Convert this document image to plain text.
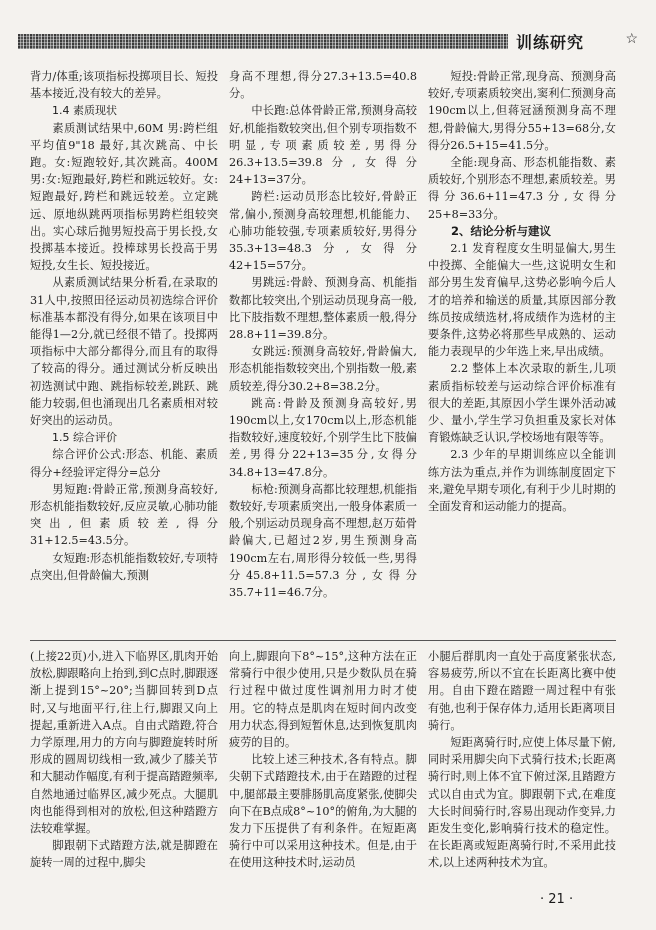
训练研究	☆

背力/体重;该项指标投掷项目长、短投基本接近,没有较大的差异。

1.4 素质现状

素质测试结果中,60M 男:跨栏组平均值9"18 最好,其次跳高、中长跑。女:短跑较好,其次跳高。400M 男:女:短跑最好,跨栏和跳远较好。女:短跑最好,跨栏和跳远较差。立定跳远、原地纵跳两项指标男跨栏组较突出。实心球后抛男短投高于男长投,女投掷基本接近。投棒球男长投高于男短投,女生长、短投接近。

从素质测试结果分析看,在录取的31人中,按照田径运动员初选综合评价标准基本都没有得分,如果在该项目中能得1—2分,就已经很不错了。投掷两项指标中大部分都得分,而且有的取得了较高的得分。通过测试分析反映出初选测试中跑、跳指标较差,跳跃、跳能力较弱,但也涌现出几名素质相对较好突出的运动员。

1.5 综合评价

综合评价公式:形态、机能、素质得分+经验评定得分=总分

男短跑:骨龄正常,预测身高较好,形态机能指数较好,反应灵敏,心肺功能突出,但素质较差,得分31+12.5=43.5分。

女短跑:形态机能指数较好,专项特点突出,但骨龄偏大,预测

身高不理想,得分27.3+13.5=40.8分。

中长跑:总体骨龄正常,预测身高较好,机能指数较突出,但个别专项指数不明显,专项素质较差,男得分26.3+13.5=39.8分,女得分24+13=37分。

跨栏:运动员形态比较好,骨龄正常,偏小,预测身高较理想,机能能力、心肺功能较强,专项素质较好,男得分35.3+13=48.3分,女得分42+15=57分。

男跳远:骨龄、预测身高、机能指数都比较突出,个别运动员现身高一般,比下肢指数不理想,整体素质一般,得分28.8+11=39.8分。

女跳远:预测身高较好,骨龄偏大,形态机能指数较突出,个别指数一般,素质较差,得分30.2+8=38.2分。

跳高:骨龄及预测身高较好,男190cm以上,女170cm以上,形态机能指数较好,速度较好,个别学生比下肢偏差,男得分22+13=35分,女得分34.8+13=47.8分。

标枪:预测身高都比较理想,机能指数较好,专项素质突出,一般身体素质一般,个别运动员现身高不理想,赵万茹骨龄偏大,已超过2岁,男生预测身高190cm左右,周形得分较低一些,男得分45.8+11.5=57.3分,女得分35.7+11=46.7分。

短投:骨龄正常,现身高、预测身高较好,专项素质较突出,窦利仁预测身高190cm以上,但蒋冠涵预测身高不理想,骨龄偏大,男得分55+13=68分,女得分26.5+15=41.5分。

全能:现身高、形态机能指数、素质较好,个别形态不理想,素质较差。男得分36.6+11=47.3分,女得分25+8=33分。

2、结论分析与建议

2.1 发育程度女生明显偏大,男生中投掷、全能偏大一些,这说明女生和部分男生发育偏早,这势必影响今后人才的培养和输送的质量,其原因部分教练员按成绩选材,将成绩作为选材的主要条件,这势必将那些早成熟的、运动能力表现早的少年选上来,早出成绩。

2.2 整体上本次录取的新生,儿项素质指标较差与运动综合评价标准有很大的差距,其原因小学生课外活动减少、量小,学生学习负担重及家长对体育锻炼缺乏认识,学校场地有限等等。

2.3 少年的早期训练应以全能训练方法为重点,并作为训练制度固定下来,避免早期专项化,有利于少儿时期的全面发育和运动能力的提高。

(上接22页)小,进入下临界区,肌肉开始放松,脚跟略向上抬到,到C点时,脚跟逐渐上提到15°~20°;当脚回转到D点时,又与地面平行,往上行,脚跟又向上提起,重新进入A点。自由式踏蹬,符合力学原理,用力的方向与脚蹬旋转时所形成的圆周切线相一致,减少了膝关节和大腿动作幅度,有利于提高踏蹬频率,自然地通过临界区,减少死点。大腿肌肉也能得到相对的放松,但这种踏蹬方法较难掌握。

脚跟朝下式踏蹬方法,就是脚蹬在旋转一周的过程中,脚尖

向上,脚跟向下8°~15°,这种方法在正常骑行中很少使用,只是少数队员在骑行过程中做过度性调剂用力时才使用。它的特点是肌肉在短时间内改变用力状态,得到短暂休息,达到恢复肌肉疲劳的目的。

比较上述三种技术,各有特点。脚尖朝下式踏蹬技术,由于在踏蹬的过程中,腿部最主要腓肠肌高度紧张,使脚尖向下在B点成8°~10°的俯角,为大腿的发力下压提供了有利条件。在短距离骑行中可以采用这种技术。但是,由于在使用这种技术时,运动员

小腿后群肌肉一直处于高度紧张状态,容易疲劳,所以不宜在长距离比赛中使用。自由下蹬在踏蹬一周过程中有张有弛,也利于保存体力,适用长距离项目骑行。

短距离骑行时,应使上体尽量下俯,同时采用脚尖向下式骑行技术;长距离骑行时,则上体不宜下俯过深,且踏蹬方式以自由式为宜。脚跟朝下式,在难度大长时间骑行时,容易出现动作变异,力距发生变化,影响骑行技术的稳定性。在长距离或短距离骑行时,不采用此技术,以上述两种技术为宜。

· 21 ·
